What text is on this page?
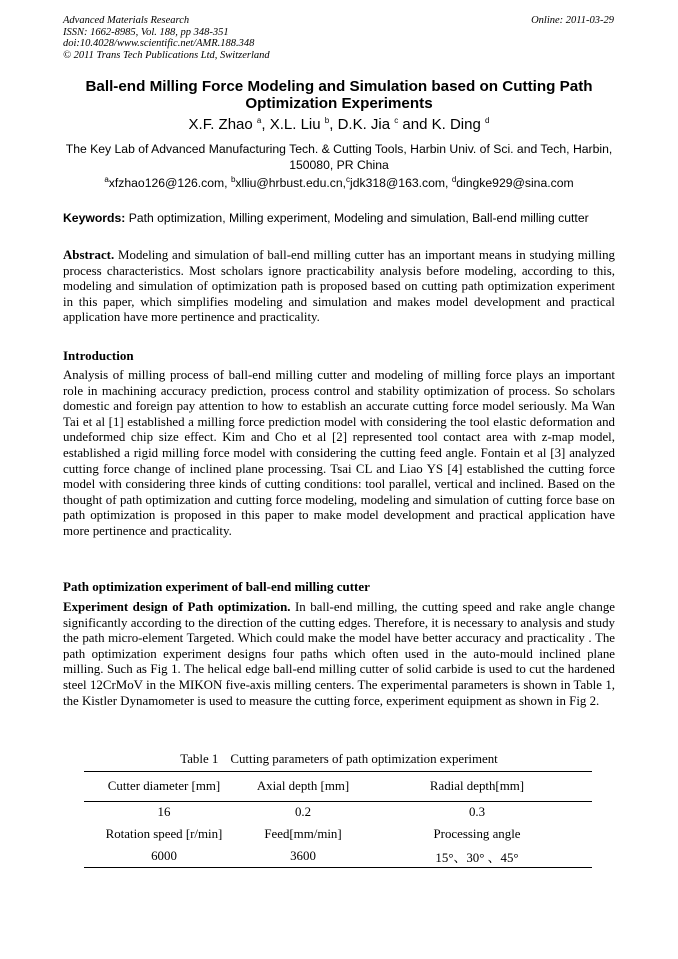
Advanced Materials Research
ISSN: 1662-8985, Vol. 188, pp 348-351
doi:10.4028/www.scientific.net/AMR.188.348
© 2011 Trans Tech Publications Ltd, Switzerland
Online: 2011-03-29
Ball-end Milling Force Modeling and Simulation based on Cutting Path Optimization Experiments
X.F. Zhao $^a$, X.L. Liu $^b$, D.K. Jia $^c$ and K. Ding $^d$
The Key Lab of Advanced Manufacturing Tech. & Cutting Tools, Harbin Univ. of Sci. and Tech, Harbin, 150080, PR China
$^a$xfzhao126@126.com, $^b$xlliu@hrbust.edu.cn,$^c$jdk318@163.com, $^d$dingke929@sina.com
Keywords: Path optimization, Milling experiment, Modeling and simulation, Ball-end milling cutter

Abstract. Modeling and simulation of ball-end milling cutter has an important means in studying milling process characteristics. Most scholars ignore practicability analysis before modeling, according to this, modeling and simulation of optimization path is proposed based on cutting path optimization experiment in this paper, which simplifies modeling and simulation and makes model development and practical application have more pertinence and practicality.

Introduction

Analysis of milling process of ball-end milling cutter and modeling of milling force plays an important role in machining accuracy prediction, process control and stability optimization of process. So scholars domestic and foreign pay attention to how to establish an accurate cutting force model seriously. Ma Wan Tai et al [1] established a milling force prediction model with considering the tool elastic deformation and undeformed chip size effect. Kim and Cho et al [2] represented tool contact area with z-map model, established a rigid milling force model with considering the cutting feed angle. Fontain et al [3] analyzed cutting force change of inclined plane processing. Tsai CL and Liao YS [4] established the cutting force model with considering three kinds of cutting conditions: tool parallel, vertical and inclined. Based on the thought of path optimization and cutting force modeling, modeling and simulation of cutting force base on path optimization is proposed in this paper to make model development and practical application have more pertinence and practicality.

Path optimization experiment of ball-end milling cutter

Experiment design of Path optimization. In ball-end milling, the cutting speed and rake angle change significantly according to the direction of the cutting edges. Therefore, it is necessary to analysis and study the path micro-element Targeted. Which could make the model have better accuracy and practicality . The path optimization experiment designs four paths which often used in the auto-mould inclined plane milling. Such as Fig 1. The helical edge ball-end milling cutter of solid carbide is used to cut the hardened steel 12CrMoV in the MIKON five-axis milling centers. The experimental parameters is shown in Table 1, the Kistler Dynamometer is used to measure the cutting force, experiment equipment as shown in Fig 2.

Table 1 Cutting parameters of path optimization experiment
Cutter diameter [mm]	Axial depth [mm]	Radial depth[mm]
16	0.2	0.3
Rotation speed [r/min]	Feed[mm/min]	Processing angle
6000	3600	15°、30° 、45°
